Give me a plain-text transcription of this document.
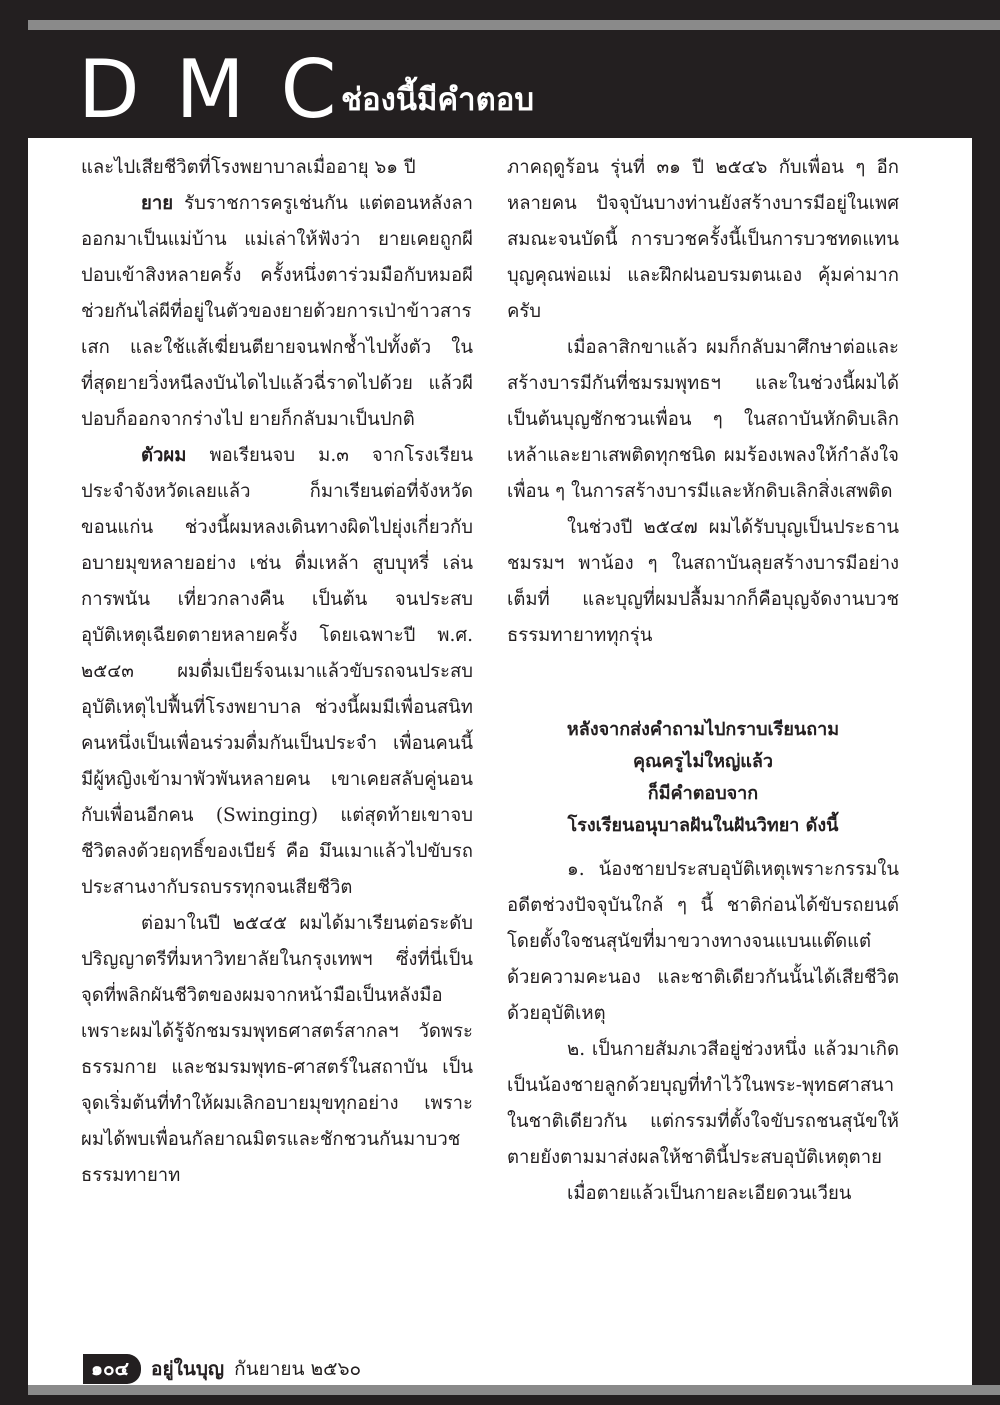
DMC
ช่องนี้มีคำตอบ

และไปเสียชีวิตที่โรงพยาบาลเมื่ออายุ ๖๑ ปี

ยาย รับราชการครูเช่นกัน แต่ตอนหลังลาออกมาเป็นแม่บ้าน แม่เล่าให้ฟังว่า ยายเคยถูกผีปอบเข้าสิงหลายครั้ง ครั้งหนึ่งตาร่วมมือกับหมอผีช่วยกันไล่ผีที่อยู่ในตัวของยายด้วยการเป่าข้าวสารเสก และใช้แส้เฆี่ยนตียายจนฟกช้ำไปทั้งตัว ในที่สุดยายวิ่งหนีลงบันไดไปแล้วฉี่ราดไปด้วย แล้วผีปอบก็ออกจากร่างไป ยายก็กลับมาเป็นปกติ

ตัวผม พอเรียนจบ ม.๓ จากโรงเรียนประจำจังหวัดเลยแล้ว ก็มาเรียนต่อที่จังหวัดขอนแก่น ช่วงนี้ผมหลงเดินทางผิดไปยุ่งเกี่ยวกับอบายมุขหลายอย่าง เช่น ดื่มเหล้า สูบบุหรี่ เล่นการพนัน เที่ยวกลางคืน เป็นต้น จนประสบอุบัติเหตุเฉียดตายหลายครั้ง โดยเฉพาะปี พ.ศ. ๒๕๔๓ ผมดื่มเบียร์จนเมาแล้วขับรถจนประสบอุบัติเหตุไปฟื้นที่โรงพยาบาล ช่วงนี้ผมมีเพื่อนสนิทคนหนึ่งเป็นเพื่อนร่วมดื่มกันเป็นประจำ เพื่อนคนนี้มีผู้หญิงเข้ามาพัวพันหลายคน เขาเคยสลับคู่นอนกับเพื่อนอีกคน (Swinging) แต่สุดท้ายเขาจบชีวิตลงด้วยฤทธิ์ของเบียร์ คือ มึนเมาแล้วไปขับรถประสานงากับรถบรรทุกจนเสียชีวิต

ต่อมาในปี ๒๕๔๕ ผมได้มาเรียนต่อระดับปริญญาตรีที่มหาวิทยาลัยในกรุงเทพฯ ซึ่งที่นี่เป็นจุดที่พลิกผันชีวิตของผมจากหน้ามือเป็นหลังมือ เพราะผมได้รู้จักชมรมพุทธศาสตร์สากลฯ วัดพระธรรมกาย และชมรมพุทธ-ศาสตร์ในสถาบัน เป็นจุดเริ่มต้นที่ทำให้ผมเลิกอบายมุขทุกอย่าง เพราะผมได้พบเพื่อนกัลยาณมิตรและชักชวนกันมาบวชธรรมทายาท

ภาคฤดูร้อน รุ่นที่ ๓๑ ปี ๒๕๔๖ กับเพื่อน ๆ อีกหลายคน ปัจจุบันบางท่านยังสร้างบารมีอยู่ในเพศสมณะจนบัดนี้ การบวชครั้งนี้เป็นการบวชทดแทนบุญคุณพ่อแม่ และฝึกฝนอบรมตนเอง คุ้มค่ามากครับ

เมื่อลาสิกขาแล้ว ผมก็กลับมาศึกษาต่อและสร้างบารมีกันที่ชมรมพุทธฯ และในช่วงนี้ผมได้เป็นต้นบุญชักชวนเพื่อน ๆ ในสถาบันหักดิบเลิกเหล้าและยาเสพติดทุกชนิด ผมร้องเพลงให้กำลังใจเพื่อน ๆ ในการสร้างบารมีและหักดิบเลิกสิ่งเสพติด

ในช่วงปี ๒๕๔๗ ผมได้รับบุญเป็นประธานชมรมฯ พาน้อง ๆ ในสถาบันลุยสร้างบารมีอย่างเต็มที่ และบุญที่ผมปลื้มมากก็คือบุญจัดงานบวชธรรมทายาททุกรุ่น

หลังจากส่งคำถามไปกราบเรียนถาม
คุณครูไม่ใหญ่แล้ว
ก็มีคำตอบจาก
โรงเรียนอนุบาลฝันในฝันวิทยา ดังนี้

๑. น้องชายประสบอุบัติเหตุเพราะกรรมในอดีตช่วงปัจจุบันใกล้ ๆ นี้ ชาติก่อนได้ขับรถยนต์ โดยตั้งใจชนสุนัขที่มาขวางทางจนแบนแต๊ดแต๋ด้วยความคะนอง และชาติเดียวกันนั้นได้เสียชีวิตด้วยอุบัติเหตุ

๒. เป็นกายสัมภเวสีอยู่ช่วงหนึ่ง แล้วมาเกิดเป็นน้องชายลูกด้วยบุญที่ทำไว้ในพระ-พุทธศาสนาในชาติเดียวกัน แต่กรรมที่ตั้งใจขับรถชนสุนัขให้ตายยังตามมาส่งผลให้ชาตินี้ประสบอุบัติเหตุตาย

เมื่อตายแล้วเป็นกายละเอียดวนเวียน

๑๐๔	อยู่ในบุญ กันยายน ๒๕๖๐
